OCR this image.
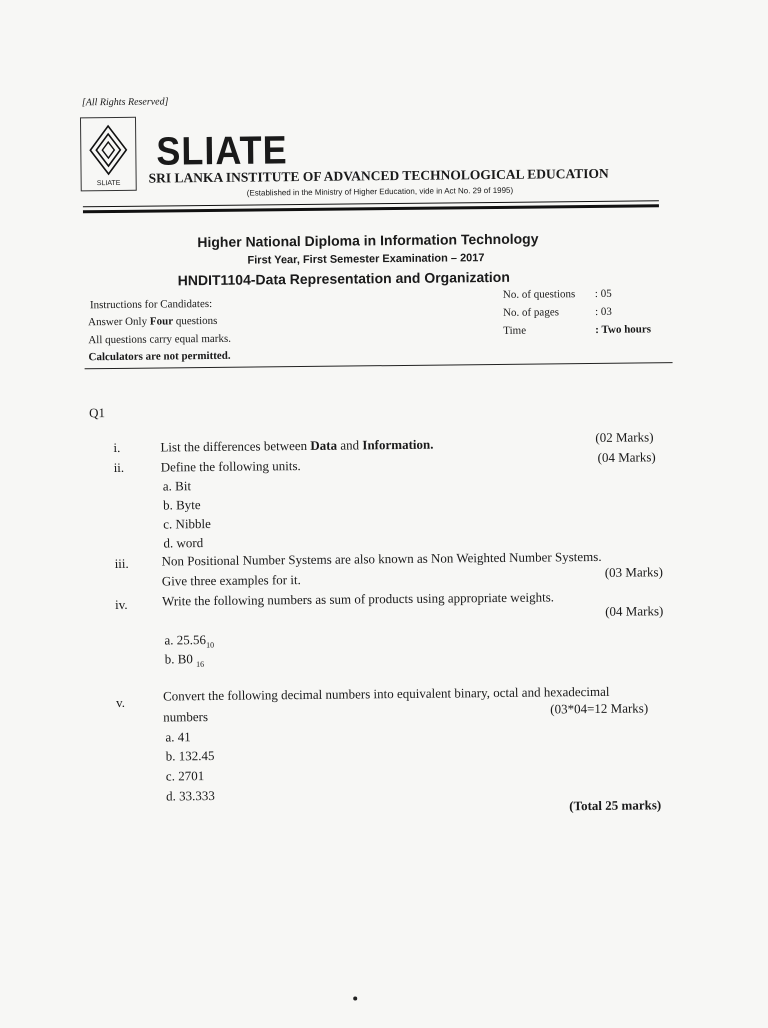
[All Rights Reserved]
SLIATE
SLIATE
SRI LANKA INSTITUTE OF ADVANCED TECHNOLOGICAL EDUCATION
(Established in the Ministry of Higher Education, vide in Act No. 29 of 1995)
Higher National Diploma in Information Technology
First Year, First Semester Examination – 2017
HNDIT1104-Data Representation and Organization
Instructions for Candidates:
Answer Only Four questions
All questions carry equal marks.
Calculators are not permitted.
No. of questions : 05
No. of pages	: 03
Time	: Two hours
Q1
i.	List the differences between Data and Information.	(02 Marks)
ii.	Define the following units.
(04 Marks)
a. Bit
b. Byte
c. Nibble
d. word
iii.	Non Positional Number Systems are also known as Non Weighted Number Systems.
Give three examples for it.	(03 Marks)
iv.	Write the following numbers as sum of products using appropriate weights.
(04 Marks)
a. $25.56_{10}$
b. B0 $_{16}$
v.	Convert the following decimal numbers into equivalent binary, octal and hexadecimal
numbers
(03*04=12 Marks)
a. 41
b. 132.45
c. 2701
d. 33.333
(Total 25 marks)
